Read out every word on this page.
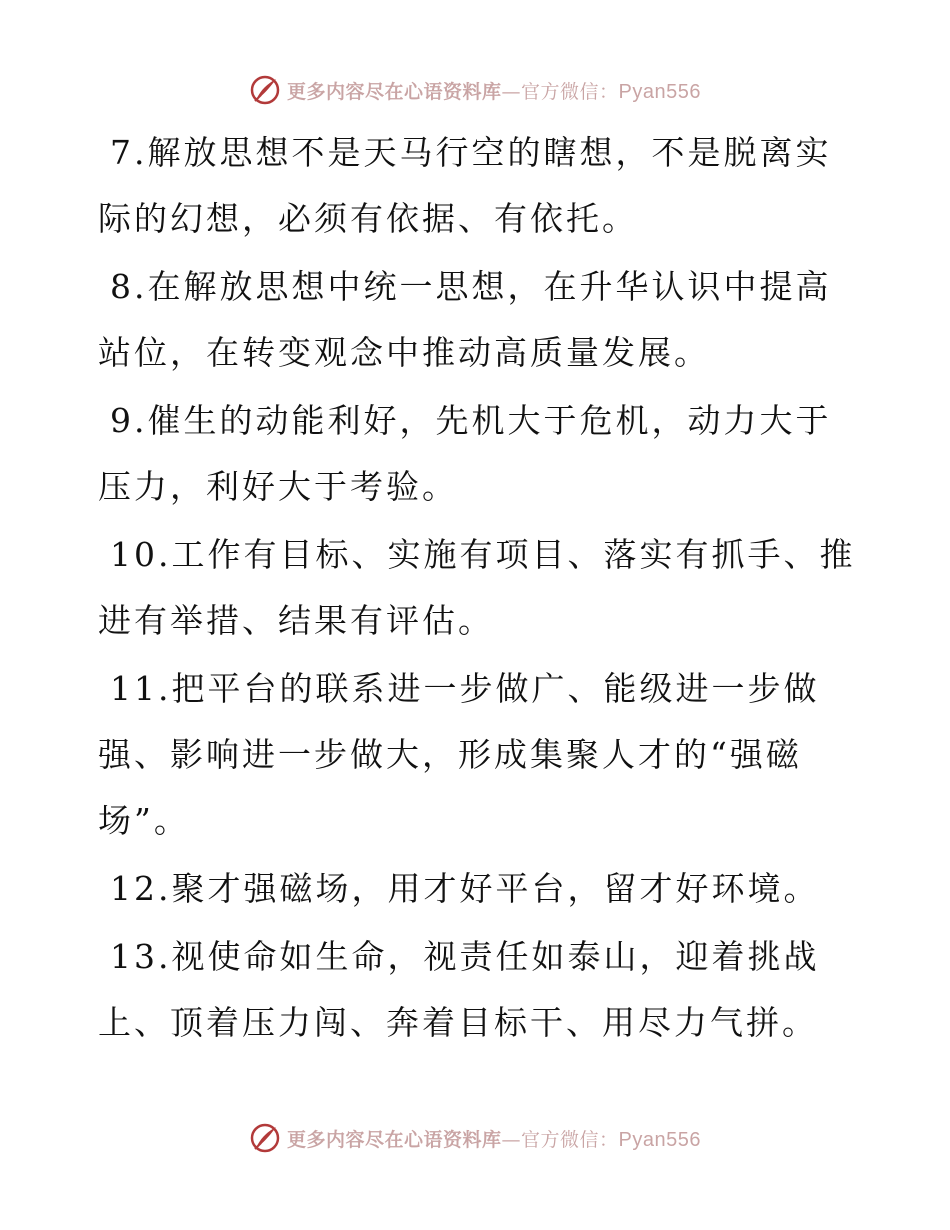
更多内容尽在心语资料库—官方微信：Pyan556

7.解放思想不是天马行空的瞎想，不是脱离实际的幻想，必须有依据、有依托。

8.在解放思想中统一思想，在升华认识中提高站位，在转变观念中推动高质量发展。

9.催生的动能利好，先机大于危机，动力大于压力，利好大于考验。

10.工作有目标、实施有项目、落实有抓手、推进有举措、结果有评估。

11.把平台的联系进一步做广、能级进一步做强、影响进一步做大，形成集聚人才的“强磁场”。

12.聚才强磁场，用才好平台，留才好环境。

13.视使命如生命，视责任如泰山，迎着挑战上、顶着压力闯、奔着目标干、用尽力气拼。

更多内容尽在心语资料库—官方微信：Pyan556
